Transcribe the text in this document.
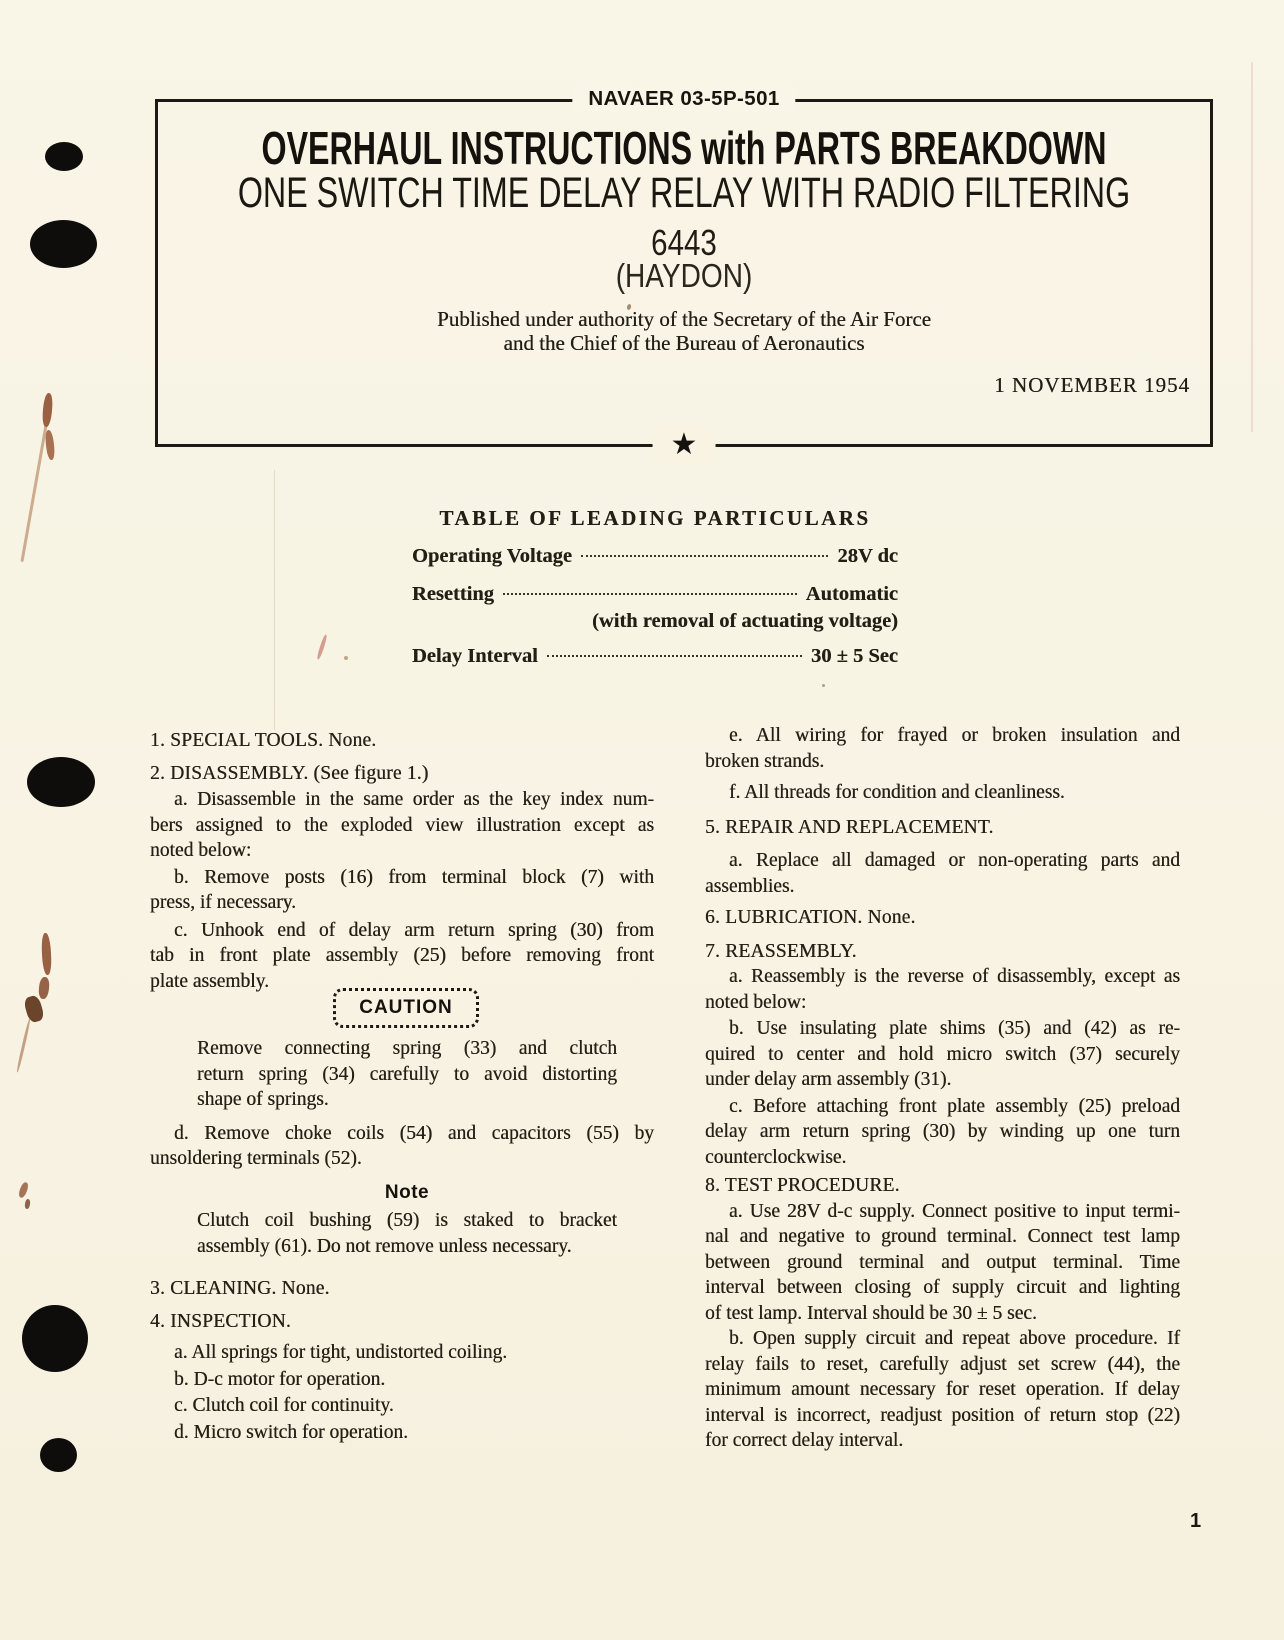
NAVAER 03-5P-501
OVERHAUL INSTRUCTIONS with PARTS BREAKDOWN
ONE SWITCH TIME DELAY RELAY WITH RADIO FILTERING
6443
(HAYDON)
Published under authority of the Secretary of the Air Force
and the Chief of the Bureau of Aeronautics
1 NOVEMBER 1954
★
TABLE OF LEADING PARTICULARS
Operating Voltage	28V dc
Resetting	Automatic
(with removal of actuating voltage)
Delay Interval	30 ± 5 Sec
1. SPECIAL TOOLS. None.
2. DISASSEMBLY. (See figure 1.)
a. Disassemble in the same order as the key index num-
bers assigned to the exploded view illustration except as
noted below:
b. Remove posts (16) from terminal block (7) with
press, if necessary.
c. Unhook end of delay arm return spring (30) from
tab in front plate assembly (25) before removing front
plate assembly.
CAUTION
Remove connecting spring (33) and clutch
return spring (34) carefully to avoid distorting
shape of springs.
d. Remove choke coils (54) and capacitors (55) by
unsoldering terminals (52).
Note
Clutch coil bushing (59) is staked to bracket
assembly (61). Do not remove unless necessary.
3. CLEANING. None.
4. INSPECTION.
a. All springs for tight, undistorted coiling.
b. D-c motor for operation.
c. Clutch coil for continuity.
d. Micro switch for operation.
e. All wiring for frayed or broken insulation and
broken strands.
f. All threads for condition and cleanliness.
5. REPAIR AND REPLACEMENT.
a. Replace all damaged or non-operating parts and
assemblies.
6. LUBRICATION. None.
7. REASSEMBLY.
a. Reassembly is the reverse of disassembly, except as
noted below:
b. Use insulating plate shims (35) and (42) as re-
quired to center and hold micro switch (37) securely
under delay arm assembly (31).
c. Before attaching front plate assembly (25) preload
delay arm return spring (30) by winding up one turn
counterclockwise.
8. TEST PROCEDURE.
a. Use 28V d-c supply. Connect positive to input termi-
nal and negative to ground terminal. Connect test lamp
between ground terminal and output terminal. Time
interval between closing of supply circuit and lighting
of test lamp. Interval should be 30 ± 5 sec.
b. Open supply circuit and repeat above procedure. If
relay fails to reset, carefully adjust set screw (44), the
minimum amount necessary for reset operation. If delay
interval is incorrect, readjust position of return stop (22)
for correct delay interval.
1
